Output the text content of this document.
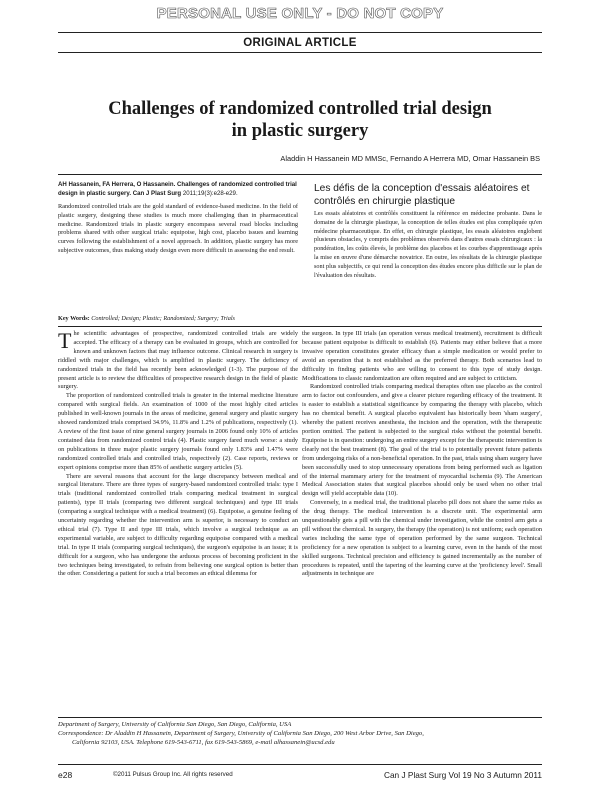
PERSONAL USE ONLY - DO NOT COPY
ORIGINAL ARTICLE
Challenges of randomized controlled trial design in plastic surgery
Aladdin H Hassanein MD MMSc, Fernando A Herrera MD, Omar Hassanein BS
AH Hassanein, FA Herrera, O Hassanein. Challenges of randomized controlled trial design in plastic surgery. Can J Plast Surg 2011;19(3):e28-e29.
Randomized controlled trials are the gold standard of evidence-based medicine. In the field of plastic surgery, designing these studies is much more challenging than in pharmaceutical medicine. Randomized trials in plastic surgery encompass several road blocks including problems shared with other surgical trials: equipoise, high cost, placebo issues and learning curves following the establishment of a novel approach. In addition, plastic surgery has more subjective outcomes, thus making study design even more difficult in assessing the end result.
Key Words: Controlled; Design; Plastic; Randomized; Surgery; Trials
Les défis de la conception d'essais aléatoires et contrôlés en chirurgie plastique
Les essais aléatoires et contrôlés constituent la référence en médecine probante. Dans le domaine de la chirurgie plastique, la conception de telles études est plus compliquée qu'en médecine pharmaceutique. En effet, en chirurgie plastique, les essais aléatoires englobent plusieurs obstacles, y compris des problèmes observés dans d'autres essais chirurgicaux : la pondération, les coûts élevés, le problème des placebos et les courbes d'apprentissage après la mise en œuvre d'une démarche novatrice. En outre, les résultats de la chirurgie plastique sont plus subjectifs, ce qui rend la conception des études encore plus difficile sur le plan de l'évaluation des résultats.

The scientific advantages of prospective, randomized controlled trials are widely accepted. The efficacy of a therapy can be evaluated in groups, which are controlled for known and unknown factors that may influence outcome. Clinical research in surgery is riddled with major challenges, which is amplified in plastic surgery. The deficiency of randomized trials in the field has recently been acknowledged (1-3). The purpose of the present article is to review the difficulties of prospective research design in the field of plastic surgery.

The proportion of randomized controlled trials is greater in the internal medicine literature compared with surgical fields. An examination of 1000 of the most highly cited articles published in well-known journals in the areas of medicine, general surgery and plastic surgery showed randomized trials comprised 34.9%, 11.8% and 1.2% of publications, respectively (1). A review of the first issue of nine general surgery journals in 2006 found only 10% of articles contained data from randomized control trials (4). Plastic surgery fared much worse: a study on publications in three major plastic surgery journals found only 1.83% and 1.47% were randomized controlled trials and controlled trials, respectively (2). Case reports, reviews or expert opinions comprise more than 85% of aesthetic surgery articles (5).

There are several reasons that account for the large discrepancy between medical and surgical literature. There are three types of surgery-based randomized controlled trials: type I trials (traditional randomized controlled trials comparing medical treatment in surgical patients), type II trials (comparing two different surgical techniques) and type III trials (comparing a surgical technique with a medical treatment) (6). Equipoise, a genuine feeling of uncertainty regarding whether the intervention arm is superior, is necessary to conduct an ethical trial (7). Type II and type III trials, which involve a surgical technique as an experimental variable, are subject to difficulty regarding equipoise compared with a medical trial. In type II trials (comparing surgical techniques), the surgeon's equipoise is an issue; it is difficult for a surgeon, who has undergone the arduous process of becoming proficient in the two techniques being investigated, to refrain from believing one surgical option is better than the other. Considering a patient for such a trial becomes an ethical dilemma for

the surgeon. In type III trials (an operation versus medical treatment), recruitment is difficult because patient equipoise is difficult to establish (6). Patients may either believe that a more invasive operation constitutes greater efficacy than a simple medication or would prefer to avoid an operation that is not established as the preferred therapy. Both scenarios lead to difficulty in finding patients who are willing to consent to this type of study design. Modifications to classic randomization are often required and are subject to criticism.

Randomized controlled trials comparing medical therapies often use placebo as the control arm to factor out confounders, and give a clearer picture regarding efficacy of the treatment. It is easier to establish a statistical significance by comparing the therapy with placebo, which has no chemical benefit. A surgical placebo equivalent has historically been 'sham surgery', whereby the patient receives anesthesia, the incision and the operation, with the therapeutic portion omitted. The patient is subjected to the surgical risks without the potential benefit. Equipoise is in question: undergoing an entire surgery except for the therapeutic intervention is clearly not the best treatment (8). The goal of the trial is to potentially prevent future patients from undergoing risks of a non-beneficial operation. In the past, trials using sham surgery have been successfully used to stop unnecessary operations from being performed such as ligation of the internal mammary artery for the treatment of myocardial ischemia (9). The American Medical Association states that surgical placebos should only be used when no other trial design will yield acceptable data (10).

Conversely, in a medical trial, the traditional placebo pill does not share the same risks as the drug therapy. The medical intervention is a discrete unit. The experimental arm unquestionably gets a pill with the chemical under investigation, while the control arm gets a pill without the chemical. In surgery, the therapy (the operation) is not uniform; each operation varies including the same type of operation performed by the same surgeon. Technical proficiency for a new operation is subject to a learning curve, even in the hands of the most skilled surgeons. Technical precision and efficiency is gained incrementally as the number of procedures is repeated, until the tapering of the learning curve at the 'proficiency level'. Small adjustments in technique are

Department of Surgery, University of California San Diego, San Diego, California, USA
Correspondence: Dr Aladdin H Hassanein, Department of Surgery, University of California San Diego, 200 West Arbor Drive, San Diego,
California 92103, USA. Telephone 619-543-6711, fax 619-543-5869, e-mail alhassanein@ucsd.edu
e28	©2011 Pulsus Group Inc. All rights reserved	Can J Plast Surg Vol 19 No 3 Autumn 2011
